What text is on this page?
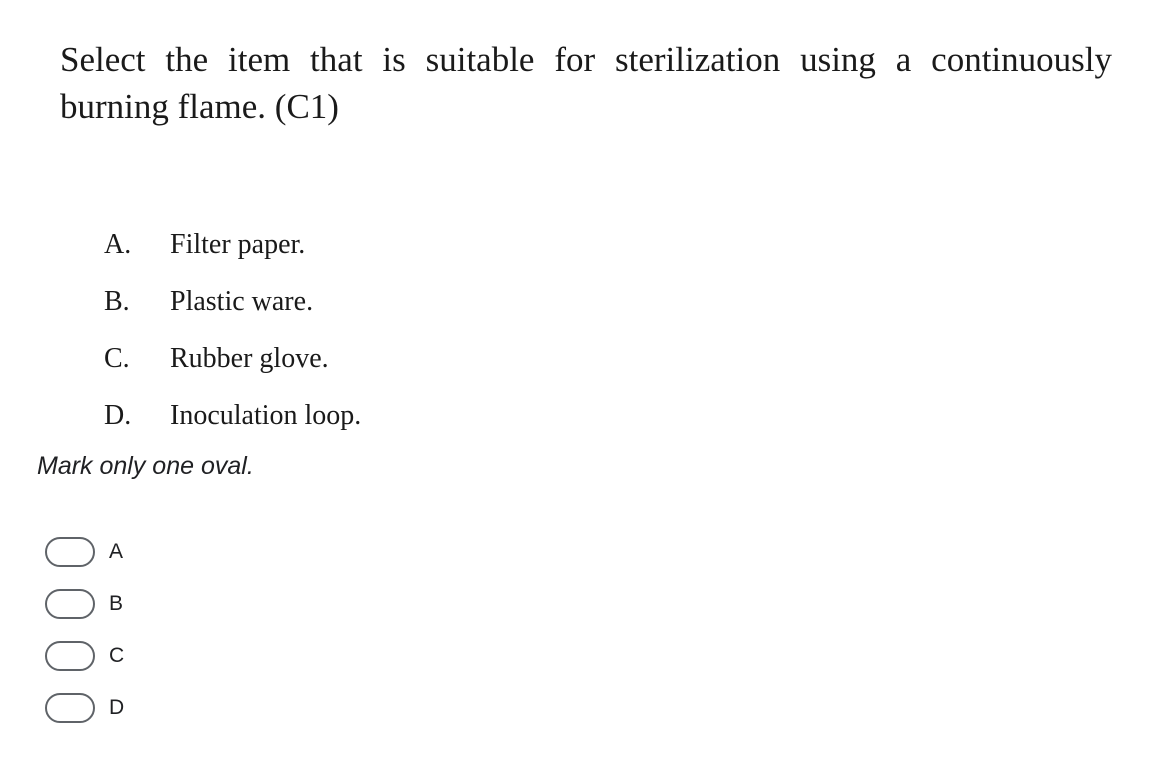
Select the item that is suitable for sterilization using a continuously burning flame. (C1)
A.	Filter paper.
B.	Plastic ware.
C.	Rubber glove.
D.	Inoculation loop.
Mark only one oval.
A
B
C
D
